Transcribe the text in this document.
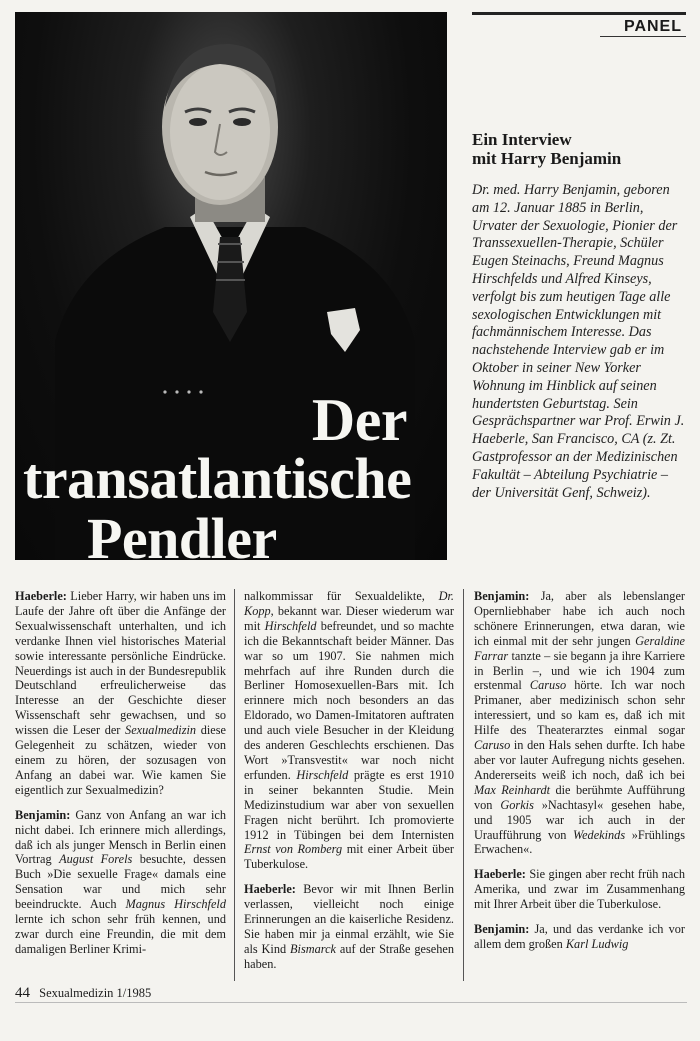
Der
transatlantische
Pendler
PANEL
Ein Interview
mit Harry Benjamin
Dr. med. Harry Benjamin, geboren am 12. Januar 1885 in Berlin, Urvater der Sexuologie, Pionier der Transsexuellen-Therapie, Schüler Eugen Steinachs, Freund Magnus Hirschfelds und Alfred Kinseys, verfolgt bis zum heutigen Tage alle sexologischen Entwicklungen mit fachmännischem Interesse. Das nachstehende Interview gab er im Oktober in seiner New Yorker Wohnung im Hinblick auf seinen hundertsten Geburtstag. Sein Gesprächspartner war Prof. Erwin J. Haeberle, San Francisco, CA (z. Zt. Gastprofessor an der Medizinischen Fakultät – Abteilung Psychiatrie – der Universität Genf, Schweiz).

Haeberle: Lieber Harry, wir haben uns im Laufe der Jahre oft über die Anfänge der Sexualwissenschaft unterhalten, und ich verdanke Ihnen viel historisches Material sowie interessante persönliche Eindrücke. Neuerdings ist auch in der Bundesrepublik Deutschland erfreulicherweise das Interesse an der Geschichte dieser Wissenschaft sehr gewachsen, und so wissen die Leser der Sexualmedizin diese Gelegenheit zu schätzen, wieder von einem zu hören, der sozusagen von Anfang an dabei war. Wie kamen Sie eigentlich zur Sexualmedizin?

Benjamin: Ganz von Anfang an war ich nicht dabei. Ich erinnere mich allerdings, daß ich als junger Mensch in Berlin einen Vortrag August Forels besuchte, dessen Buch »Die sexuelle Frage« damals eine Sensation war und mich sehr beeindruckte. Auch Magnus Hirschfeld lernte ich schon sehr früh kennen, und zwar durch eine Freundin, die mit dem damaligen Berliner Krimi-

nalkommissar für Sexualdelikte, Dr. Kopp, bekannt war. Dieser wiederum war mit Hirschfeld befreundet, und so machte ich die Bekanntschaft beider Männer. Das war so um 1907. Sie nahmen mich mehrfach auf ihre Runden durch die Berliner Homosexuellen-Bars mit. Ich erinnere mich noch besonders an das Eldorado, wo Damen-Imitatoren auftraten und auch viele Besucher in der Kleidung des anderen Geschlechts erschienen. Das Wort »Transvestit« war noch nicht erfunden. Hirschfeld prägte es erst 1910 in seiner bekannten Studie. Mein Medizinstudium war aber von sexuellen Fragen nicht berührt. Ich promovierte 1912 in Tübingen bei dem Internisten Ernst von Romberg mit einer Arbeit über Tuberkulose.

Haeberle: Bevor wir mit Ihnen Berlin verlassen, vielleicht noch einige Erinnerungen an die kaiserliche Residenz. Sie haben mir ja einmal erzählt, wie Sie als Kind Bismarck auf der Straße gesehen haben.

Benjamin: Ja, aber als lebenslanger Opernliebhaber habe ich auch noch schönere Erinnerungen, etwa daran, wie ich einmal mit der sehr jungen Geraldine Farrar tanzte – sie begann ja ihre Karriere in Berlin –, und wie ich 1904 zum erstenmal Caruso hörte. Ich war noch Primaner, aber medizinisch schon sehr interessiert, und so kam es, daß ich mit Hilfe des Theaterarztes einmal sogar Caruso in den Hals sehen durfte. Ich habe aber vor lauter Aufregung nichts gesehen. Andererseits weiß ich noch, daß ich bei Max Reinhardt die berühmte Aufführung von Gorkis »Nachtasyl« gesehen habe, und 1905 war ich auch in der Uraufführung von Wedekinds »Frühlings Erwachen«.

Haeberle: Sie gingen aber recht früh nach Amerika, und zwar im Zusammenhang mit Ihrer Arbeit über die Tuberkulose.

Benjamin: Ja, und das verdanke ich vor allem dem großen Karl Ludwig

44 Sexualmedizin 1/1985
